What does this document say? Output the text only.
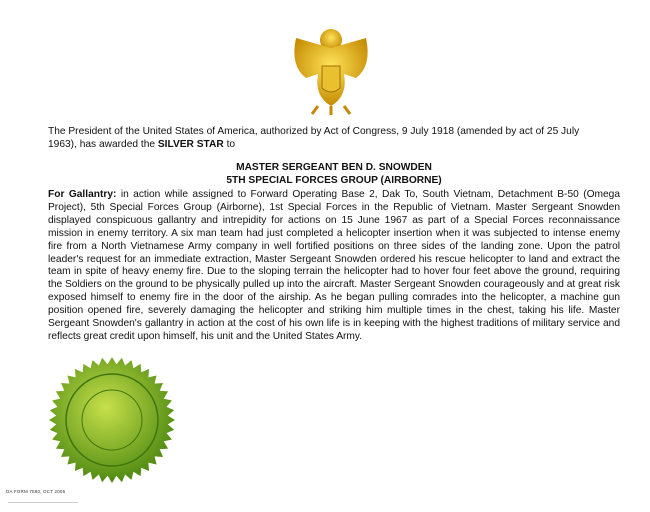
The President of the United States of America, authorized by Act of Congress, 9 July 1918 (amended by act of 25 July 1963), has awarded the SILVER STAR to
MASTER SERGEANT BEN D. SNOWDEN
5TH SPECIAL FORCES GROUP (AIRBORNE)
For Gallantry: in action while assigned to Forward Operating Base 2, Dak To, South Vietnam, Detachment B-50 (Omega Project), 5th Special Forces Group (Airborne), 1st Special Forces in the Republic of Vietnam. Master Sergeant Snowden displayed conspicuous gallantry and intrepidity for actions on 15 June 1967 as part of a Special Forces reconnaissance mission in enemy territory. A six man team had just completed a helicopter insertion when it was subjected to intense enemy fire from a North Vietnamese Army company in well fortified positions on three sides of the landing zone. Upon the patrol leader's request for an immediate extraction, Master Sergeant Snowden ordered his rescue helicopter to land and extract the team in spite of heavy enemy fire. Due to the sloping terrain the helicopter had to hover four feet above the ground, requiring the Soldiers on the ground to be physically pulled up into the aircraft. Master Sergeant Snowden courageously and at great risk exposed himself to enemy fire in the door of the airship. As he began pulling comrades into the helicopter, a machine gun position opened fire, severely damaging the helicopter and striking him multiple times in the chest, taking his life. Master Sergeant Snowden's gallantry in action at the cost of his own life is in keeping with the highest traditions of military service and reflects great credit upon himself, his unit and the United States Army.
DA FORM 7580, OCT 2005
